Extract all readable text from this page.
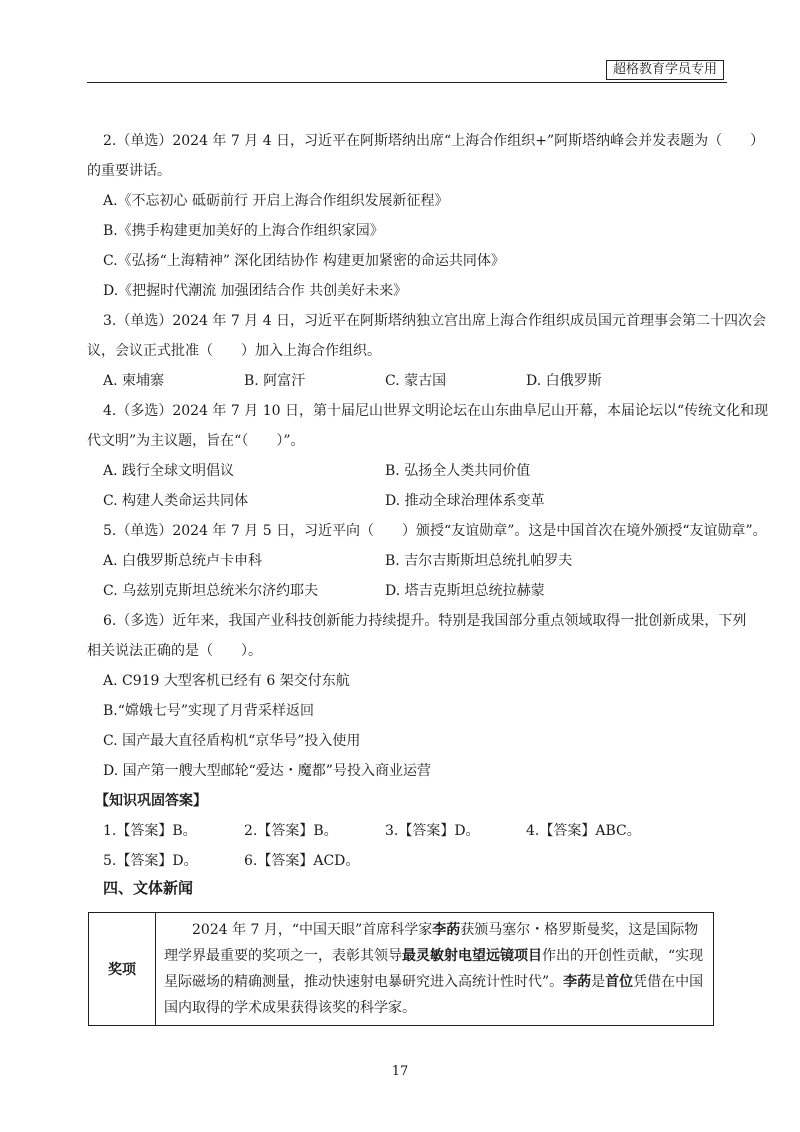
超格教育学员专用

2.（单选）2024 年 7 月 4 日，习近平在阿斯塔纳出席“上海合作组织+”阿斯塔纳峰会并发表题为（　　）

的重要讲话。

A.《不忘初心 砥砺前行 开启上海合作组织发展新征程》

B.《携手构建更加美好的上海合作组织家园》

C.《弘扬“上海精神” 深化团结协作 构建更加紧密的命运共同体》

D.《把握时代潮流 加强团结合作 共创美好未来》

3.（单选）2024 年 7 月 4 日，习近平在阿斯塔纳独立宫出席上海合作组织成员国元首理事会第二十四次会

议，会议正式批准（　　）加入上海合作组织。

A. 柬埔寨	B. 阿富汗	C. 蒙古国	D. 白俄罗斯

4.（多选）2024 年 7 月 10 日，第十届尼山世界文明论坛在山东曲阜尼山开幕，本届论坛以“传统文化和现

代文明”为主议题，旨在“（　　）”。

A. 践行全球文明倡议	B. 弘扬全人类共同价值
C. 构建人类命运共同体	D. 推动全球治理体系变革

5.（单选）2024 年 7 月 5 日，习近平向（　　）颁授“友谊勋章”。这是中国首次在境外颁授“友谊勋章”。

A. 白俄罗斯总统卢卡申科	B. 吉尔吉斯斯坦总统扎帕罗夫
C. 乌兹别克斯坦总统米尔济约耶夫	D. 塔吉克斯坦总统拉赫蒙

6.（多选）近年来，我国产业科技创新能力持续提升。特别是我国部分重点领域取得一批创新成果，下列

相关说法正确的是（　　）。

A. C919 大型客机已经有 6 架交付东航

B.“嫦娥七号”实现了月背采样返回

C. 国产最大直径盾构机“京华号”投入使用

D. 国产第一艘大型邮轮“爱达・魔都”号投入商业运营

【知识巩固答案】

1.【答案】B。	2.【答案】B。	3.【答案】D。	4.【答案】ABC。
5.【答案】D。	6.【答案】ACD。
四、文体新闻
奖项	2024 年 7 月，“中国天眼”首席科学家李菂获颁马塞尔・格罗斯曼奖，这是国际物理学界最重要的奖项之一，表彰其领导最灵敏射电望远镜项目作出的开创性贡献，“实现星际磁场的精确测量，推动快速射电暴研究进入高统计性时代”。李菂是首位凭借在中国国内取得的学术成果获得该奖的科学家。
17
